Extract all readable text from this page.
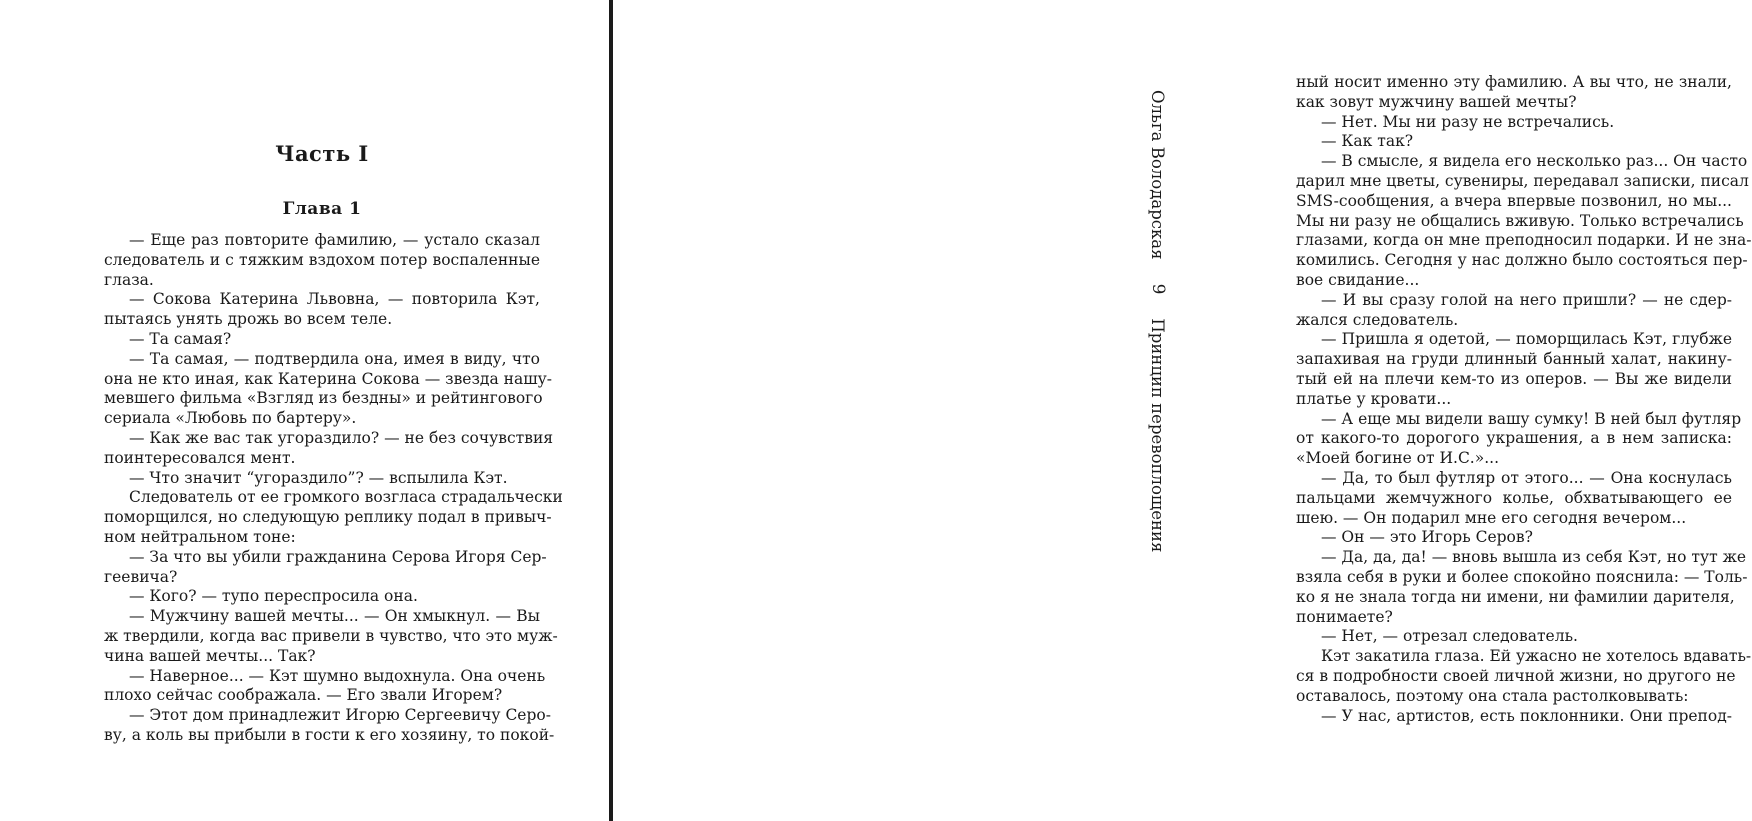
Часть I
Глава 1
— Еще раз повторите фамилию, — устало сказал
следователь и с тяжким вздохом потер воспаленные
глаза.
— Сокова Катерина Львовна, — повторила Кэт,
пытаясь унять дрожь во всем теле.
— Та самая?
— Та самая, — подтвердила она, имея в виду, что
она не кто иная, как Катерина Сокова — звезда нашу-
мевшего фильма «Взгляд из бездны» и рейтингового
сериала «Любовь по бартеру».
— Как же вас так угораздило? — не без сочувствия
поинтересовался мент.
— Что значит “угораздило”? — вспылила Кэт.
Следователь от ее громкого возгласа страдальчески
поморщился, но следующую реплику подал в привыч-
ном нейтральном тоне:
— За что вы убили гражданина Серова Игоря Сер-
геевича?
— Кого? — тупо переспросила она.
— Мужчину вашей мечты... — Он хмыкнул. — Вы
ж твердили, когда вас привели в чувство, что это муж-
чина вашей мечты... Так?
— Наверное... — Кэт шумно выдохнула. Она очень
плохо сейчас соображала. — Его звали Игорем?
— Этот дом принадлежит Игорю Сергеевичу Серо-
ву, а коль вы прибыли в гости к его хозяину, то покой-
ный носит именно эту фамилию. А вы что, не знали,
как зовут мужчину вашей мечты?
— Нет. Мы ни разу не встречались.
— Как так?
— В смысле, я видела его несколько раз... Он часто
дарил мне цветы, сувениры, передавал записки, писал
SMS-сообщения, а вчера впервые позвонил, но мы...
Мы ни разу не общались вживую. Только встречались
глазами, когда он мне преподносил подарки. И не зна-
комились. Сегодня у нас должно было состояться пер-
вое свидание...
— И вы сразу голой на него пришли? — не сдер-
жался следователь.
— Пришла я одетой, — поморщилась Кэт, глубже
запахивая на груди длинный банный халат, накину-
тый ей на плечи кем-то из оперов. — Вы же видели
платье у кровати...
— А еще мы видели вашу сумку! В ней был футляр
от какого-то дорогого украшения, а в нем записка:
«Моей богине от И.С.»...
— Да, то был футляр от этого... — Она коснулась
пальцами жемчужного колье, обхватывающего ее
шею. — Он подарил мне его сегодня вечером...
— Он — это Игорь Серов?
— Да, да, да! — вновь вышла из себя Кэт, но тут же
взяла себя в руки и более спокойно пояснила: — Толь-
ко я не знала тогда ни имени, ни фамилии дарителя,
понимаете?
— Нет, — отрезал следователь.
Кэт закатила глаза. Ей ужасно не хотелось вдавать-
ся в подробности своей личной жизни, но другого не
оставалось, поэтому она стала растолковывать:
— У нас, артистов, есть поклонники. Они препод-
Ольга Володарская
9
Принцип перевоплощения
